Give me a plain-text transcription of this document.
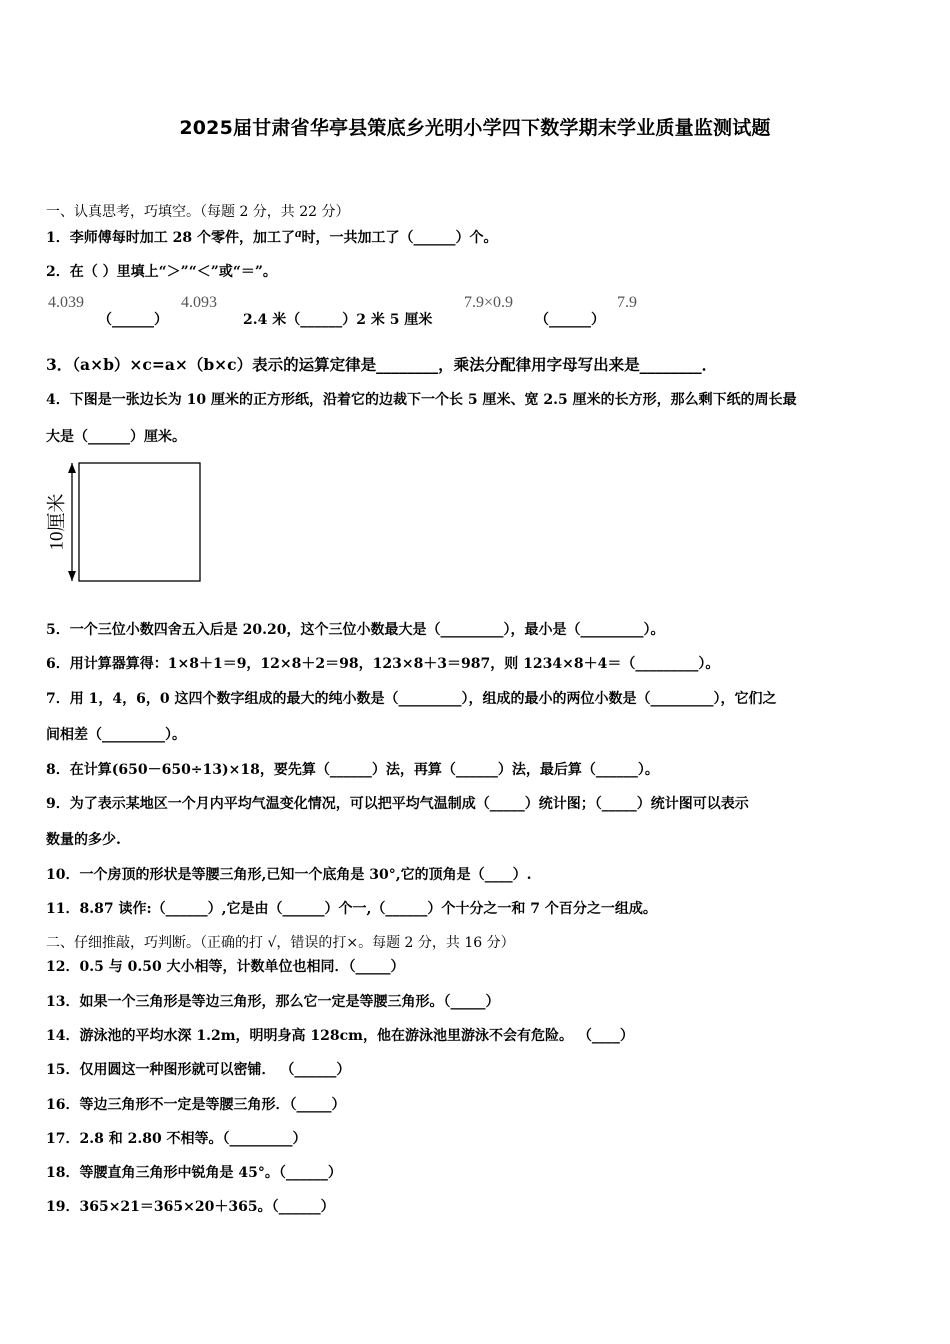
2025届甘肃省华亭县策底乡光明小学四下数学期末学业质量监测试题
一、认真思考，巧填空。（每题 2 分，共 22 分）
1．李师傅每时加工 28 个零件，加工了a时，一共加工了（______）个。
2．在（ ）里填上“＞”“＜”或“＝”。
4.039
（______）
4.093
2.4 米（______）2 米 5 厘米
7.9×0.9
（______）
7.9
3．（a×b）×c=a×（b×c）表示的运算定律是________，乘法分配律用字母写出来是________．
4．下图是一张边长为 10 厘米的正方形纸，沿着它的边裁下一个长 5 厘米、宽 2.5 厘米的长方形，那么剩下纸的周长最
大是（______）厘米。
10厘米
5．一个三位小数四舍五入后是 20.20，这个三位小数最大是（_________），最小是（_________）。
6．用计算器算得：1×8＋1＝9，12×8＋2＝98，123×8＋3＝987，则 1234×8＋4＝（_________）。
7．用 1，4，6，0 这四个数字组成的最大的纯小数是（_________），组成的最小的两位小数是（_________），它们之
间相差（_________）。
8．在计算(650－650÷13)×18，要先算（______）法，再算（______）法，最后算（______）。
9．为了表示某地区一个月内平均气温变化情况，可以把平均气温制成（_____）统计图；（_____）统计图可以表示
数量的多少.
10．一个房顶的形状是等腰三角形,已知一个底角是 30°,它的顶角是（____）.
11．8.87 读作:（______）,它是由（______）个一,（______）个十分之一和 7 个百分之一组成。
二、仔细推敲，巧判断。（正确的打 √，错误的打×。每题 2 分，共 16 分）
12．0.5 与 0.50 大小相等，计数单位也相同．（_____）
13．如果一个三角形是等边三角形，那么它一定是等腰三角形。（_____）
14．游泳池的平均水深 1.2m，明明身高 128cm，他在游泳池里游泳不会有危险。 （____）
15．仅用圆这一种图形就可以密铺． （______）
16．等边三角形不一定是等腰三角形．（_____）
17．2.8 和 2.80 不相等。（_________）
18．等腰直角三角形中锐角是 45°。（______）
19．365×21＝365×20＋365。（______）
